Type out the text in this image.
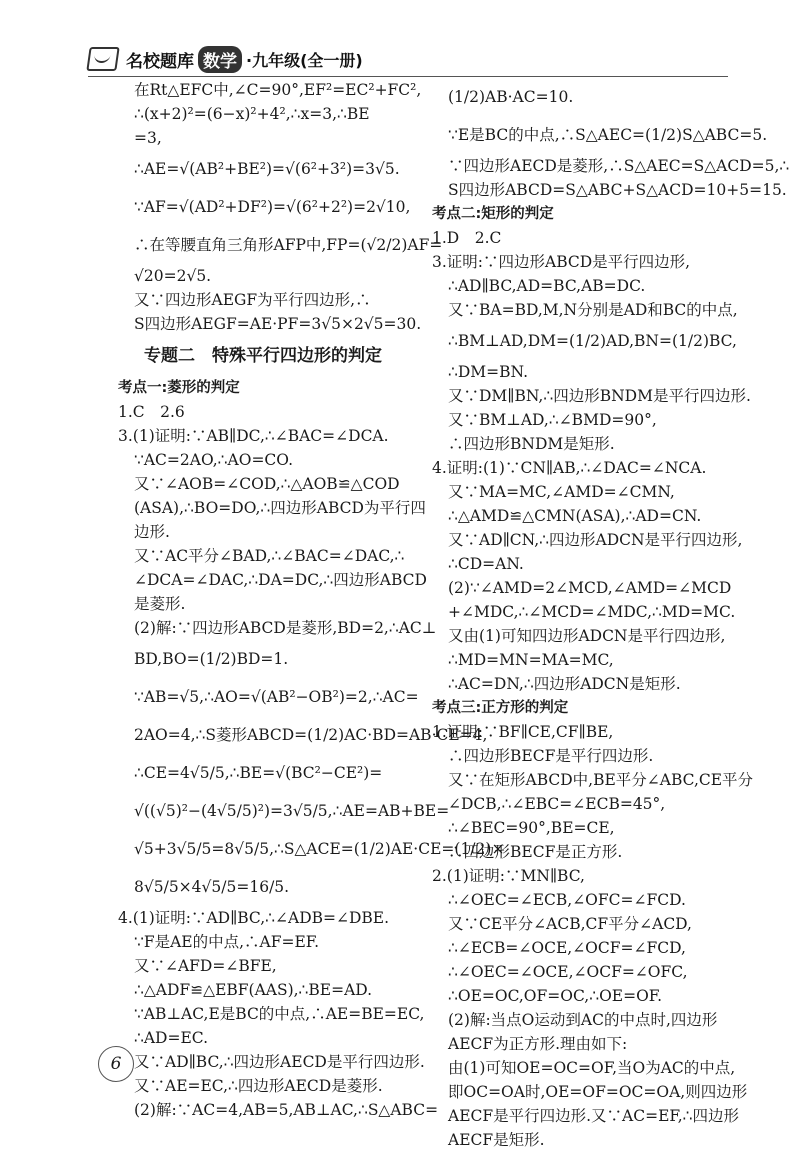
名校题库 数学 ·九年级(全一册)
在Rt△EFC中,∠C=90°,EF²=EC²+FC²,
∴(x+2)²=(6−x)²+4²,∴x=3,∴BE
=3,
∴AE=√(AB²+BE²)=√(6²+3²)=3√5.
∵AF=√(AD²+DF²)=√(6²+2²)=2√10,
∴在等腰直角三角形AFP中,FP=(√2/2)AF=
√20=2√5.
又∵四边形AEGF为平行四边形,∴
S四边形AEGF=AE·PF=3√5×2√5=30.
专题二　特殊平行四边形的判定
考点一:菱形的判定
1.C　2.6
3.(1)证明:∵AB∥DC,∴∠BAC=∠DCA.
∵AC=2AO,∴AO=CO.
又∵∠AOB=∠COD,∴△AOB≌△COD
(ASA),∴BO=DO,∴四边形ABCD为平行四
边形.
又∵AC平分∠BAD,∴∠BAC=∠DAC,∴
∠DCA=∠DAC,∴DA=DC,∴四边形ABCD
是菱形.
(2)解:∵四边形ABCD是菱形,BD=2,∴AC⊥
BD,BO=(1/2)BD=1.
∵AB=√5,∴AO=√(AB²−OB²)=2,∴AC=
2AO=4,∴S菱形ABCD=(1/2)AC·BD=AB·CE=4,
∴CE=4√5/5,∴BE=√(BC²−CE²)=
√((√5)²−(4√5/5)²)=3√5/5,∴AE=AB+BE=
√5+3√5/5=8√5/5,∴S△ACE=(1/2)AE·CE=(1/2)×
8√5/5×4√5/5=16/5.
4.(1)证明:∵AD∥BC,∴∠ADB=∠DBE.
∵F是AE的中点,∴AF=EF.
又∵∠AFD=∠BFE,
∴△ADF≌△EBF(AAS),∴BE=AD.
∵AB⊥AC,E是BC的中点,∴AE=BE=EC,
∴AD=EC.
又∵AD∥BC,∴四边形AECD是平行四边形.
又∵AE=EC,∴四边形AECD是菱形.
(2)解:∵AC=4,AB=5,AB⊥AC,∴S△ABC=
(1/2)AB·AC=10.
∵E是BC的中点,∴S△AEC=(1/2)S△ABC=5.
∵四边形AECD是菱形,∴S△AEC=S△ACD=5,∴
S四边形ABCD=S△ABC+S△ACD=10+5=15.
考点二:矩形的判定
1.D　2.C
3.证明:∵四边形ABCD是平行四边形,
∴AD∥BC,AD=BC,AB=DC.
又∵BA=BD,M,N分别是AD和BC的中点,
∴BM⊥AD,DM=(1/2)AD,BN=(1/2)BC,
∴DM=BN.
又∵DM∥BN,∴四边形BNDM是平行四边形.
又∵BM⊥AD,∴∠BMD=90°,
∴四边形BNDM是矩形.
4.证明:(1)∵CN∥AB,∴∠DAC=∠NCA.
又∵MA=MC,∠AMD=∠CMN,
∴△AMD≌△CMN(ASA),∴AD=CN.
又∵AD∥CN,∴四边形ADCN是平行四边形,
∴CD=AN.
(2)∵∠AMD=2∠MCD,∠AMD=∠MCD
+∠MDC,∴∠MCD=∠MDC,∴MD=MC.
又由(1)可知四边形ADCN是平行四边形,
∴MD=MN=MA=MC,
∴AC=DN,∴四边形ADCN是矩形.
考点三:正方形的判定
1.证明:∵BF∥CE,CF∥BE,
∴四边形BECF是平行四边形.
又∵在矩形ABCD中,BE平分∠ABC,CE平分
∠DCB,∴∠EBC=∠ECB=45°,
∴∠BEC=90°,BE=CE,
∴四边形BECF是正方形.
2.(1)证明:∵MN∥BC,
∴∠OEC=∠ECB,∠OFC=∠FCD.
又∵CE平分∠ACB,CF平分∠ACD,
∴∠ECB=∠OCE,∠OCF=∠FCD,
∴∠OEC=∠OCE,∠OCF=∠OFC,
∴OE=OC,OF=OC,∴OE=OF.
(2)解:当点O运动到AC的中点时,四边形
AECF为正方形.理由如下:
由(1)可知OE=OC=OF,当O为AC的中点,
即OC=OA时,OE=OF=OC=OA,则四边形
AECF是平行四边形.又∵AC=EF,∴四边形
AECF是矩形.
6
